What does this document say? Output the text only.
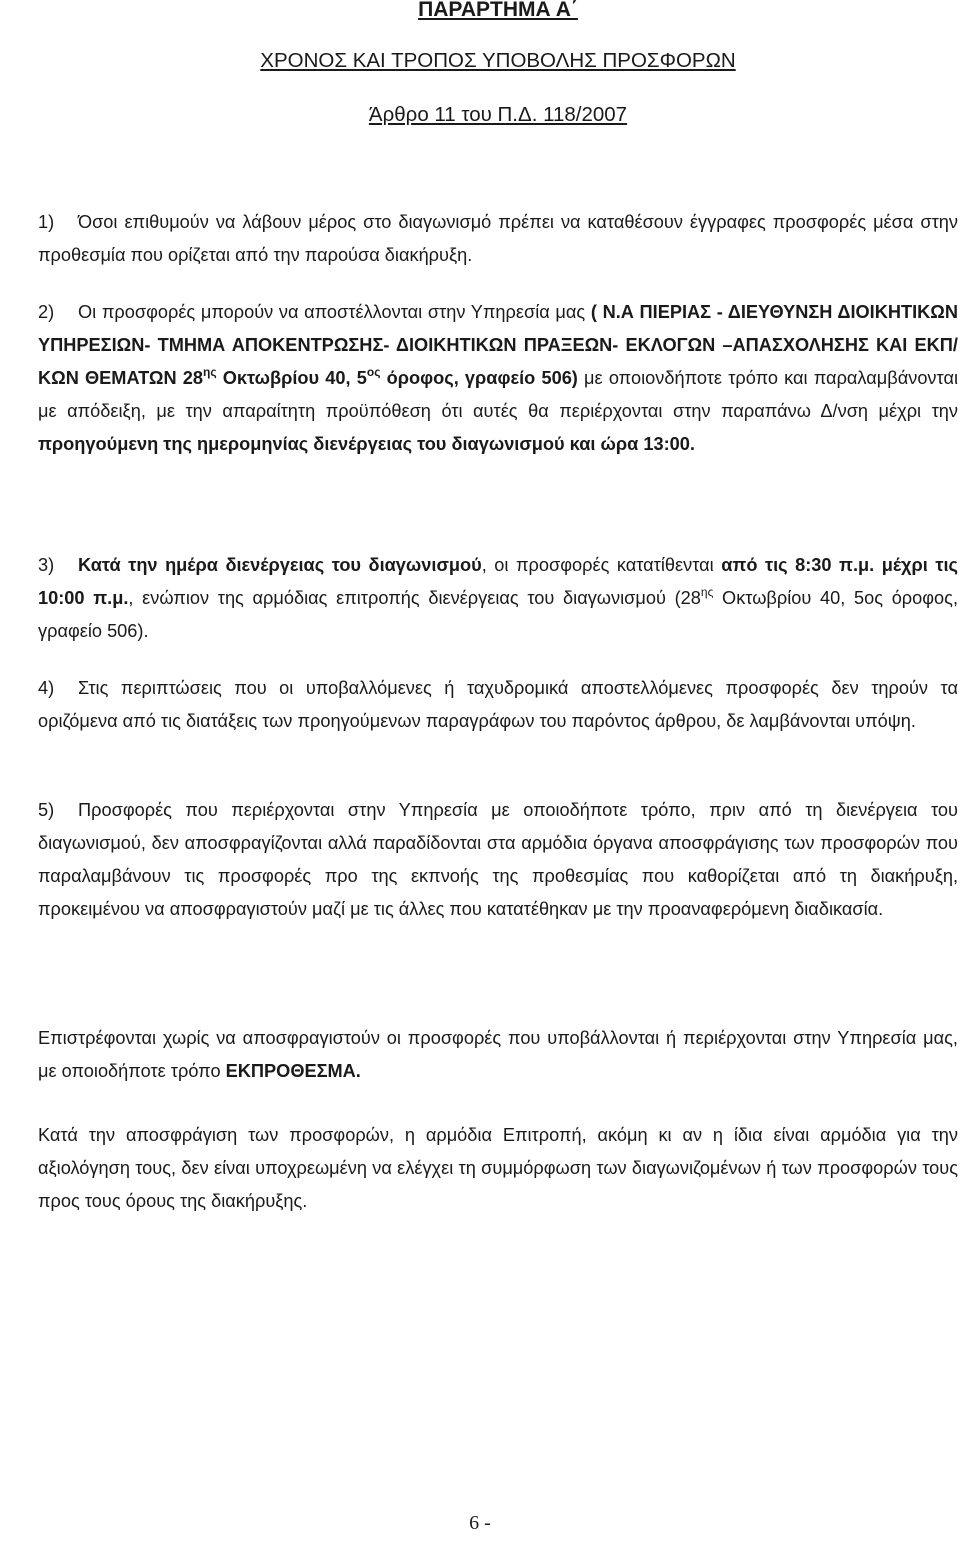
ΠΑΡΑΡΤΗΜΑ Α΄
ΧΡΟΝΟΣ ΚΑΙ ΤΡΟΠΟΣ ΥΠΟΒΟΛΗΣ ΠΡΟΣΦΟΡΩΝ
Άρθρο 11 του Π.Δ. 118/2007
1) Όσοι επιθυμούν να λάβουν μέρος στο διαγωνισμό πρέπει να καταθέσουν έγγραφες προσφορές μέσα στην προθεσμία που ορίζεται από την παρούσα διακήρυξη.
2) Οι προσφορές μπορούν να αποστέλλονται στην Υπηρεσία μας ( Ν.Α ΠΙΕΡΙΑΣ - ΔΙΕΥΘΥΝΣΗ ΔΙΟΙΚΗΤΙΚΩΝ ΥΠΗΡΕΣΙΩΝ- ΤΜΗΜΑ ΑΠΟΚΕΝΤΡΩΣΗΣ- ΔΙΟΙΚΗΤΙΚΩΝ ΠΡΑΞΕΩΝ- ΕΚΛΟΓΩΝ –ΑΠΑΣΧΟΛΗΣΗΣ ΚΑΙ ΕΚΠ/ΚΩΝ ΘΕΜΑΤΩΝ $28^{\eta\varsigma}$ Οκτωβρίου 40, $5^{o\varsigma}$ όροφος, γραφείο 506) με οποιονδήποτε τρόπο και παραλαμβάνονται με απόδειξη, με την απαραίτητη προϋπόθεση ότι αυτές θα περιέρχονται στην παραπάνω Δ/νση μέχρι την προηγούμενη της ημερομηνίας διενέργειας του διαγωνισμού και ώρα 13:00.
3) Κατά την ημέρα διενέργειας του διαγωνισμού, οι προσφορές κατατίθενται από τις 8:30 π.μ. μέχρι τις 10:00 π.μ., ενώπιον της αρμόδιας επιτροπής διενέργειας του διαγωνισμού ($28^{\eta\varsigma}$ Οκτωβρίου 40, 5ος όροφος, γραφείο 506).
4) Στις περιπτώσεις που οι υποβαλλόμενες ή ταχυδρομικά αποστελλόμενες προσφορές δεν τηρούν τα οριζόμενα από τις διατάξεις των προηγούμενων παραγράφων του παρόντος άρθρου, δε λαμβάνονται υπόψη.
5) Προσφορές που περιέρχονται στην Υπηρεσία με οποιοδήποτε τρόπο, πριν από τη διενέργεια του διαγωνισμού, δεν αποσφραγίζονται αλλά παραδίδονται στα αρμόδια όργανα αποσφράγισης των προσφορών που παραλαμβάνουν τις προσφορές προ της εκπνοής της προθεσμίας που καθορίζεται από τη διακήρυξη, προκειμένου να αποσφραγιστούν μαζί με τις άλλες που κατατέθηκαν με την προαναφερόμενη διαδικασία.
Επιστρέφονται χωρίς να αποσφραγιστούν οι προσφορές που υποβάλλονται ή περιέρχονται στην Υπηρεσία μας, με οποιοδήποτε τρόπο ΕΚΠΡΟΘΕΣΜΑ.
Κατά την αποσφράγιση των προσφορών, η αρμόδια Επιτροπή, ακόμη κι αν η ίδια είναι αρμόδια για την αξιολόγηση τους, δεν είναι υποχρεωμένη να ελέγχει τη συμμόρφωση των διαγωνιζομένων ή των προσφορών τους προς τους όρους της διακήρυξης.
6 -
